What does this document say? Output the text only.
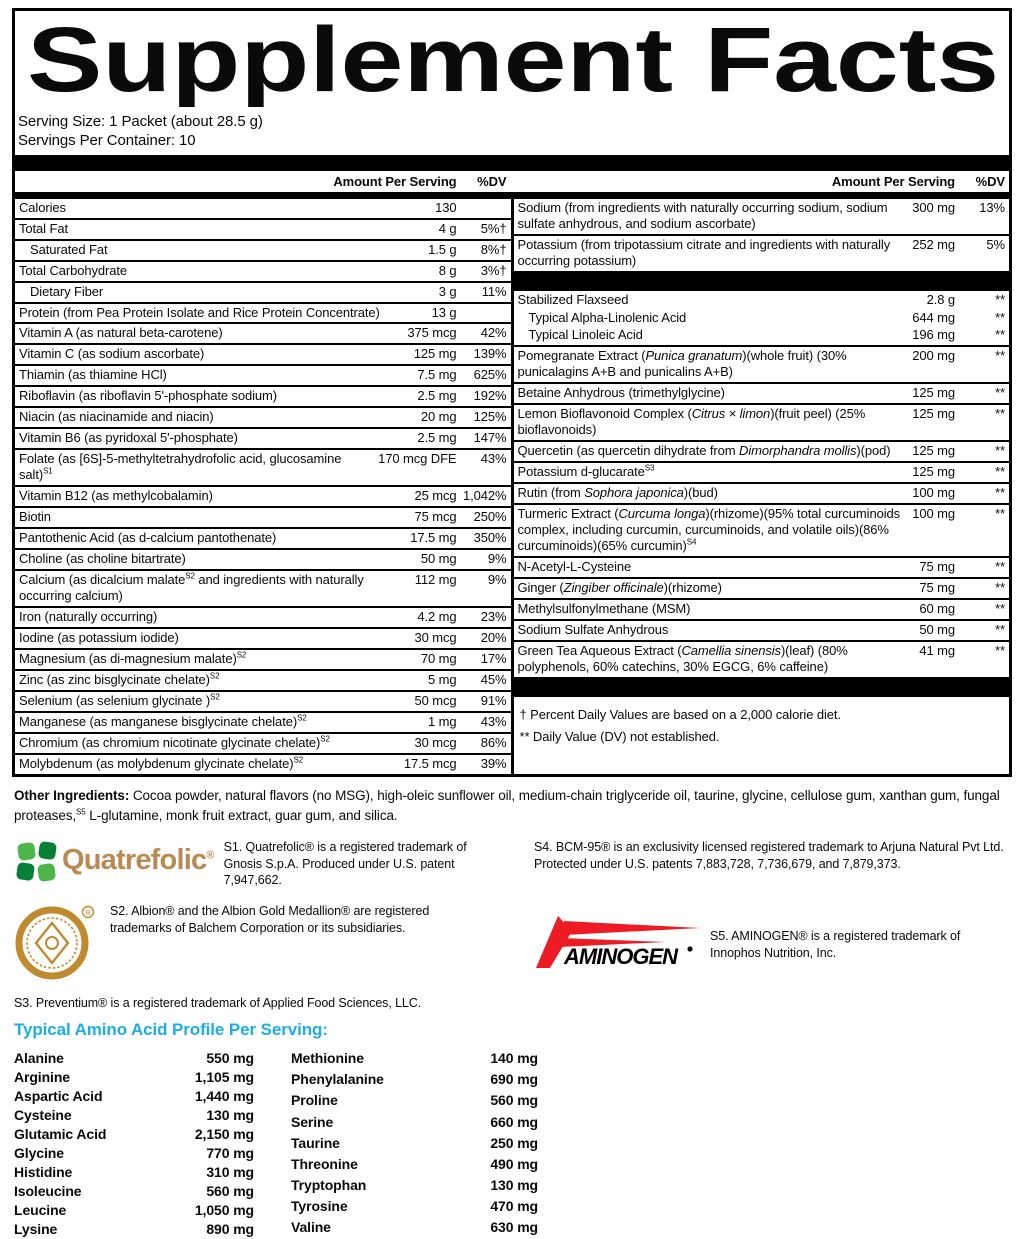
Supplement Facts
Serving Size: 1 Packet (about 28.5 g)
Servings Per Container: 10
Amount Per Serving	%DV	Amount Per Serving	%DV
Calories	130
Total Fat	4 g	5%†
Saturated Fat	1.5 g	8%†
Total Carbohydrate	8 g	3%†
Dietary Fiber	3 g	11%
Protein (from Pea Protein Isolate and Rice Protein Concentrate)	13 g
Vitamin A (as natural beta-carotene)	375 mcg	42%
Vitamin C (as sodium ascorbate)	125 mg	139%
Thiamin (as thiamine HCl)	7.5 mg	625%
Riboflavin (as riboflavin 5'-phosphate sodium)	2.5 mg	192%
Niacin (as niacinamide and niacin)	20 mg	125%
Vitamin B6 (as pyridoxal 5'-phosphate)	2.5 mg	147%
Folate (as [6S]-5-methyltetrahydrofolic acid, glucosamine salt)$^{S1}$
170 mcg DFE	43%
Vitamin B12 (as methylcobalamin)	25 mcg 1,042%
Biotin	75 mcg	250%
Pantothenic Acid (as d-calcium pantothenate)	17.5 mg	350%
Choline (as choline bitartrate)	50 mg	9%
Calcium (as dicalcium malate$^{S2}$ and ingredients with naturally occurring calcium)
112 mg	9%
Iron (naturally occurring)	4.2 mg	23%
Iodine (as potassium iodide)	30 mcg	20%
Magnesium (as di-magnesium malate)$^{S2}$	70 mg	17%
Zinc (as zinc bisglycinate chelate)$^{S2}$	5 mg	45%
Selenium (as selenium glycinate )$^{S2}$	50 mcg	91%
Manganese (as manganese bisglycinate chelate)$^{S2}$	1 mg	43%
Chromium (as chromium nicotinate glycinate chelate)$^{S2}$	30 mcg	86%
Molybdenum (as molybdenum glycinate chelate)$^{S2}$	17.5 mcg	39%
Sodium (from ingredients with naturally occurring sodium, sodium sulfate anhydrous, and sodium ascorbate)
300 mg	13%
Potassium (from tripotassium citrate and ingredients with naturally occurring potassium)
252 mg	5%
Stabilized Flaxseed	2.8 g	**
Typical Alpha-Linolenic Acid	644 mg	**
Typical Linoleic Acid	196 mg	**
Pomegranate Extract (Punica granatum)(whole fruit) (30% punicalagins A+B and punicalins A+B)
200 mg	**
Betaine Anhydrous (trimethylglycine)	125 mg	**
Lemon Bioflavonoid Complex (Citrus × limon)(fruit peel) (25% bioflavonoids)
125 mg	**
Quercetin (as quercetin dihydrate from Dimorphandra mollis)(pod)	125 mg	**
Potassium d-glucarate$^{S3}$	125 mg	**
Rutin (from Sophora japonica)(bud)	100 mg	**
Turmeric Extract (Curcuma longa)(rhizome)(95% total curcuminoids complex, including curcumin, curcuminoids, and volatile oils)(86% curcuminoids)(65% curcumin)$^{S4}$
100 mg	**
N-Acetyl-L-Cysteine	75 mg	**
Ginger (Zingiber officinale)(rhizome)	75 mg	**
Methylsulfonylmethane (MSM)	60 mg	**
Sodium Sulfate Anhydrous	50 mg	**
Green Tea Aqueous Extract (Camellia sinensis)(leaf) (80% polyphenols, 60% catechins, 30% EGCG, 6% caffeine)
41 mg	**
† Percent Daily Values are based on a 2,000 calorie diet.
** Daily Value (DV) not established.
Other Ingredients: Cocoa powder, natural flavors (no MSG), high-oleic sunflower oil, medium-chain triglyceride oil, taurine, glycine, cellulose gum, xanthan gum, fungal proteases,$^{S5}$ L-glutamine, monk fruit extract, guar gum, and silica.
Quatrefolic®
S1. Quatrefolic® is a registered trademark of Gnosis S.p.A. Produced under U.S. patent 7,947,662.
S4. BCM-95® is an exclusivity licensed registered trademark to Arjuna Natural Pvt Ltd. Protected under U.S. patents 7,883,728, 7,736,679, and 7,879,373.
R S2. Albion® and the Albion Gold Medallion® are registered trademarks of Balchem Corporation or its subsidiaries.
AMINOGEN
S5. AMINOGEN® is a registered trademark of Innophos Nutrition, Inc.
S3. Preventium® is a registered trademark of Applied Food Sciences, LLC.
Typical Amino Acid Profile Per Serving:
Alanine	550 mg
Arginine	1,105 mg
Aspartic Acid	1,440 mg
Cysteine	130 mg
Glutamic Acid	2,150 mg
Glycine	770 mg
Histidine	310 mg
Isoleucine	560 mg
Leucine	1,050 mg
Lysine	890 mg
Methionine	140 mg
Phenylalanine	690 mg
Proline	560 mg
Serine	660 mg
Taurine	250 mg
Threonine	490 mg
Tryptophan	130 mg
Tyrosine	470 mg
Valine	630 mg
